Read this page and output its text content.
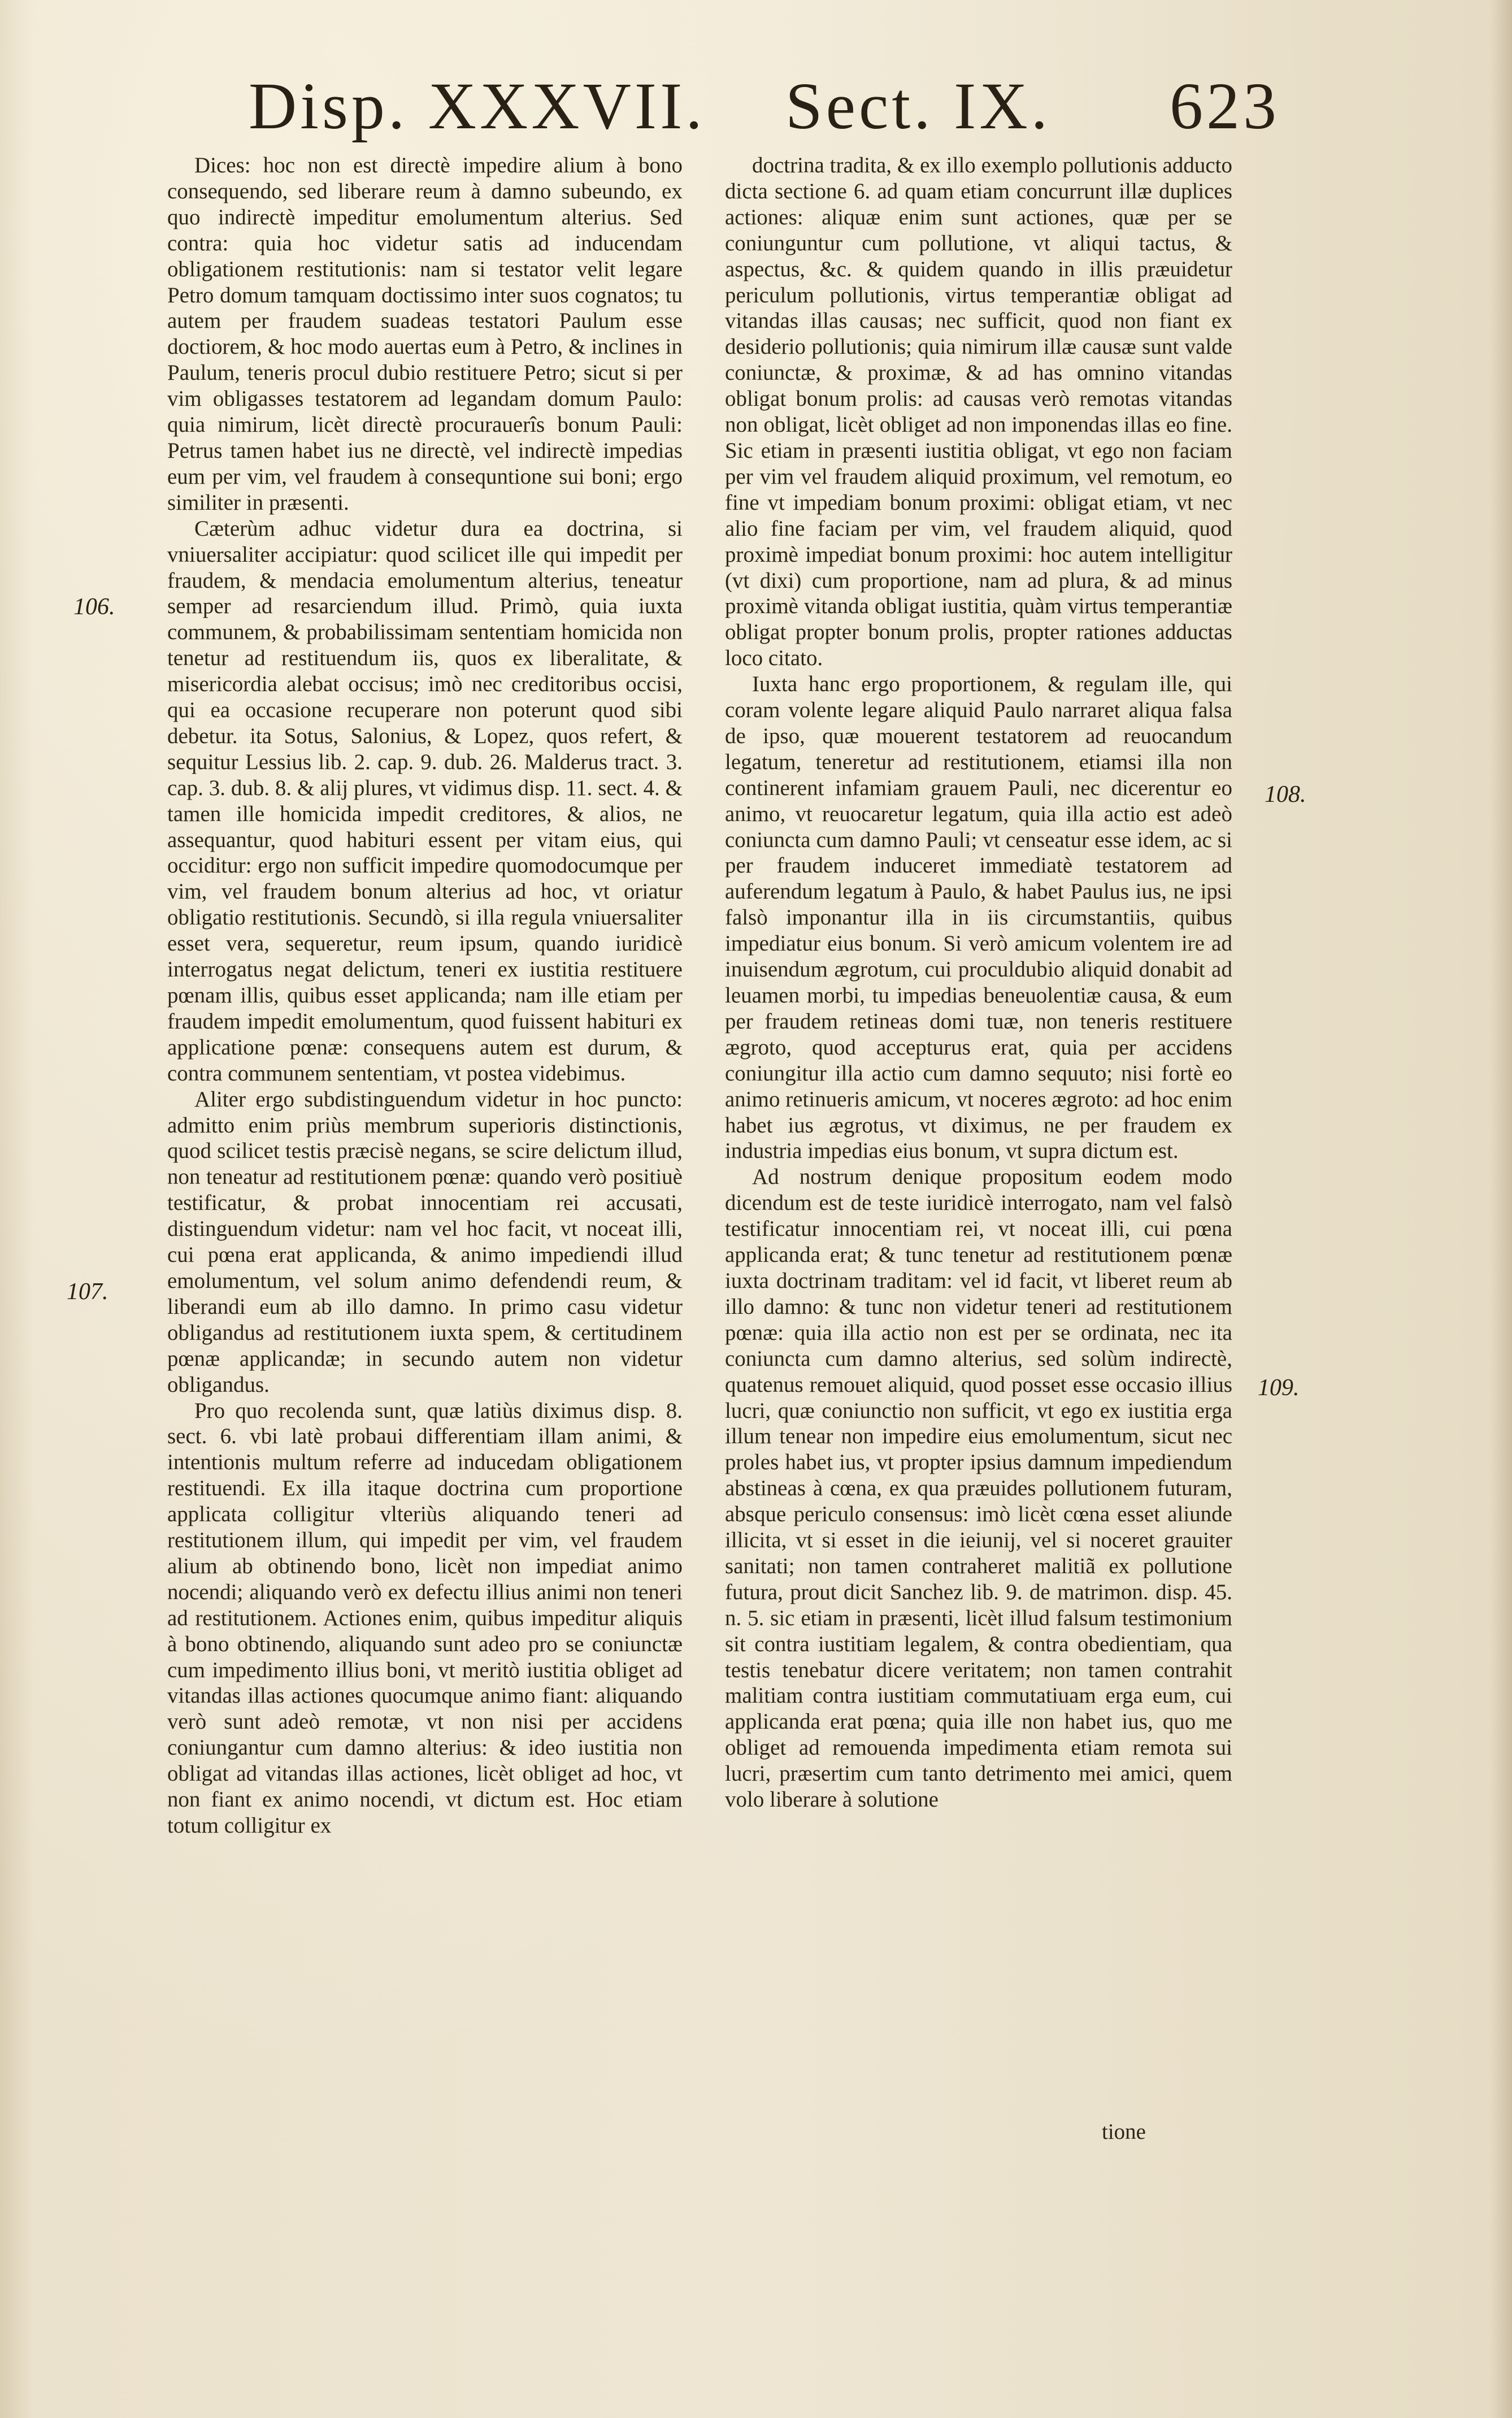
Disp. XXXVII. Sect. IX. 623
106.
107.
108.
109.

Dices: hoc non est directè impedire alium à bono consequendo, sed liberare reum à damno subeundo, ex quo indirectè impeditur emolumentum alterius. Sed contra: quia hoc videtur satis ad inducendam obligationem restitutionis: nam si testator velit legare Petro domum tamquam doctissimo inter suos cognatos; tu autem per fraudem suadeas testatori Paulum esse doctiorem, & hoc modo auertas eum à Petro, & inclines in Paulum, teneris procul dubio restituere Petro; sicut si per vim obligasses testatorem ad legandam domum Paulo: quia nimirum, licèt directè procurauerîs bonum Pauli: Petrus tamen habet ius ne directè, vel indirectè impedias eum per vim, vel fraudem à consequntione sui boni; ergo similiter in præsenti.

Cæterùm adhuc videtur dura ea doctrina, si vniuersaliter accipiatur: quod scilicet ille qui impedit per fraudem, & mendacia emolumentum alterius, teneatur semper ad resarciendum illud. Primò, quia iuxta communem, & probabilissimam sententiam homicida non tenetur ad restituendum iis, quos ex liberalitate, & misericordia alebat occisus; imò nec creditoribus occisi, qui ea occasione recuperare non poterunt quod sibi debetur. ita Sotus, Salonius, & Lopez, quos refert, & sequitur Lessius lib. 2. cap. 9. dub. 26. Malderus tract. 3. cap. 3. dub. 8. & alij plures, vt vidimus disp. 11. sect. 4. & tamen ille homicida impedit creditores, & alios, ne assequantur, quod habituri essent per vitam eius, qui occiditur: ergo non sufficit impedire quomodocumque per vim, vel fraudem bonum alterius ad hoc, vt oriatur obligatio restitutionis. Secundò, si illa regula vniuersaliter esset vera, sequeretur, reum ipsum, quando iuridicè interrogatus negat delictum, teneri ex iustitia restituere pœnam illis, quibus esset applicanda; nam ille etiam per fraudem impedit emolumentum, quod fuissent habituri ex applicatione pœnæ: consequens autem est durum, & contra communem sententiam, vt postea videbimus.

Aliter ergo subdistinguendum videtur in hoc puncto: admitto enim priùs membrum superioris distinctionis, quod scilicet testis præcisè negans, se scire delictum illud, non teneatur ad restitutionem pœnæ: quando verò positiuè testificatur, & probat innocentiam rei accusati, distinguendum videtur: nam vel hoc facit, vt noceat illi, cui pœna erat applicanda, & animo impediendi illud emolumentum, vel solum animo defendendi reum, & liberandi eum ab illo damno. In primo casu videtur obligandus ad restitutionem iuxta spem, & certitudinem pœnæ applicandæ; in secundo autem non videtur obligandus.

Pro quo recolenda sunt, quæ latiùs diximus disp. 8. sect. 6. vbi latè probaui differentiam illam animi, & intentionis multum referre ad inducedam obligationem restituendi. Ex illa itaque doctrina cum proportione applicata colligitur vlteriùs aliquando teneri ad restitutionem illum, qui impedit per vim, vel fraudem alium ab obtinendo bono, licèt non impediat animo nocendi; aliquando verò ex defectu illius animi non teneri ad restitutionem. Actiones enim, quibus impeditur aliquis à bono obtinendo, aliquando sunt adeo pro se coniunctæ cum impedimento illius boni, vt meritò iustitia obliget ad vitandas illas actiones quocumque animo fiant: aliquando verò sunt adeò remotæ, vt non nisi per accidens coniungantur cum damno alterius: & ideo iustitia non obligat ad vitandas illas actiones, licèt obliget ad hoc, vt non fiant ex animo nocendi, vt dictum est. Hoc etiam totum colligitur ex

doctrina tradita, & ex illo exemplo pollutionis adducto dicta sectione 6. ad quam etiam concurrunt illæ duplices actiones: aliquæ enim sunt actiones, quæ per se coniunguntur cum pollutione, vt aliqui tactus, & aspectus, &c. & quidem quando in illis præuidetur periculum pollutionis, virtus temperantiæ obligat ad vitandas illas causas; nec sufficit, quod non fiant ex desiderio pollutionis; quia nimirum illæ causæ sunt valde coniunctæ, & proximæ, & ad has omnino vitandas obligat bonum prolis: ad causas verò remotas vitandas non obligat, licèt obliget ad non imponendas illas eo fine. Sic etiam in præsenti iustitia obligat, vt ego non faciam per vim vel fraudem aliquid proximum, vel remotum, eo fine vt impediam bonum proximi: obligat etiam, vt nec alio fine faciam per vim, vel fraudem aliquid, quod proximè impediat bonum proximi: hoc autem intelligitur (vt dixi) cum proportione, nam ad plura, & ad minus proximè vitanda obligat iustitia, quàm virtus temperantiæ obligat propter bonum prolis, propter rationes adductas loco citato.

Iuxta hanc ergo proportionem, & regulam ille, qui coram volente legare aliquid Paulo narraret aliqua falsa de ipso, quæ mouerent testatorem ad reuocandum legatum, teneretur ad restitutionem, etiamsi illa non continerent infamiam grauem Pauli, nec dicerentur eo animo, vt reuocaretur legatum, quia illa actio est adeò coniuncta cum damno Pauli; vt censeatur esse idem, ac si per fraudem induceret immediatè testatorem ad auferendum legatum à Paulo, & habet Paulus ius, ne ipsi falsò imponantur illa in iis circumstantiis, quibus impediatur eius bonum. Si verò amicum volentem ire ad inuisendum ægrotum, cui proculdubio aliquid donabit ad leuamen morbi, tu impedias beneuolentiæ causa, & eum per fraudem retineas domi tuæ, non teneris restituere ægroto, quod accepturus erat, quia per accidens coniungitur illa actio cum damno sequuto; nisi fortè eo animo retinueris amicum, vt noceres ægroto: ad hoc enim habet ius ægrotus, vt diximus, ne per fraudem ex industria impedias eius bonum, vt supra dictum est.

Ad nostrum denique propositum eodem modo dicendum est de teste iuridicè interrogato, nam vel falsò testificatur innocentiam rei, vt noceat illi, cui pœna applicanda erat; & tunc tenetur ad restitutionem pœnæ iuxta doctrinam traditam: vel id facit, vt liberet reum ab illo damno: & tunc non videtur teneri ad restitutionem pœnæ: quia illa actio non est per se ordinata, nec ita coniuncta cum damno alterius, sed solùm indirectè, quatenus remouet aliquid, quod posset esse occasio illius lucri, quæ coniunctio non sufficit, vt ego ex iustitia erga illum tenear non impedire eius emolumentum, sicut nec proles habet ius, vt propter ipsius damnum impediendum abstineas à cœna, ex qua præuides pollutionem futuram, absque periculo consensus: imò licèt cœna esset aliunde illicita, vt si esset in die ieiunij, vel si noceret grauiter sanitati; non tamen contraheret malitiã ex pollutione futura, prout dicit Sanchez lib. 9. de matrimon. disp. 45. n. 5. sic etiam in præsenti, licèt illud falsum testimonium sit contra iustitiam legalem, & contra obedientiam, qua testis tenebatur dicere veritatem; non tamen contrahit malitiam contra iustitiam commutatiuam erga eum, cui applicanda erat pœna; quia ille non habet ius, quo me obliget ad remouenda impedimenta etiam remota sui lucri, præsertim cum tanto detrimento mei amici, quem volo liberare à solutione

tione
